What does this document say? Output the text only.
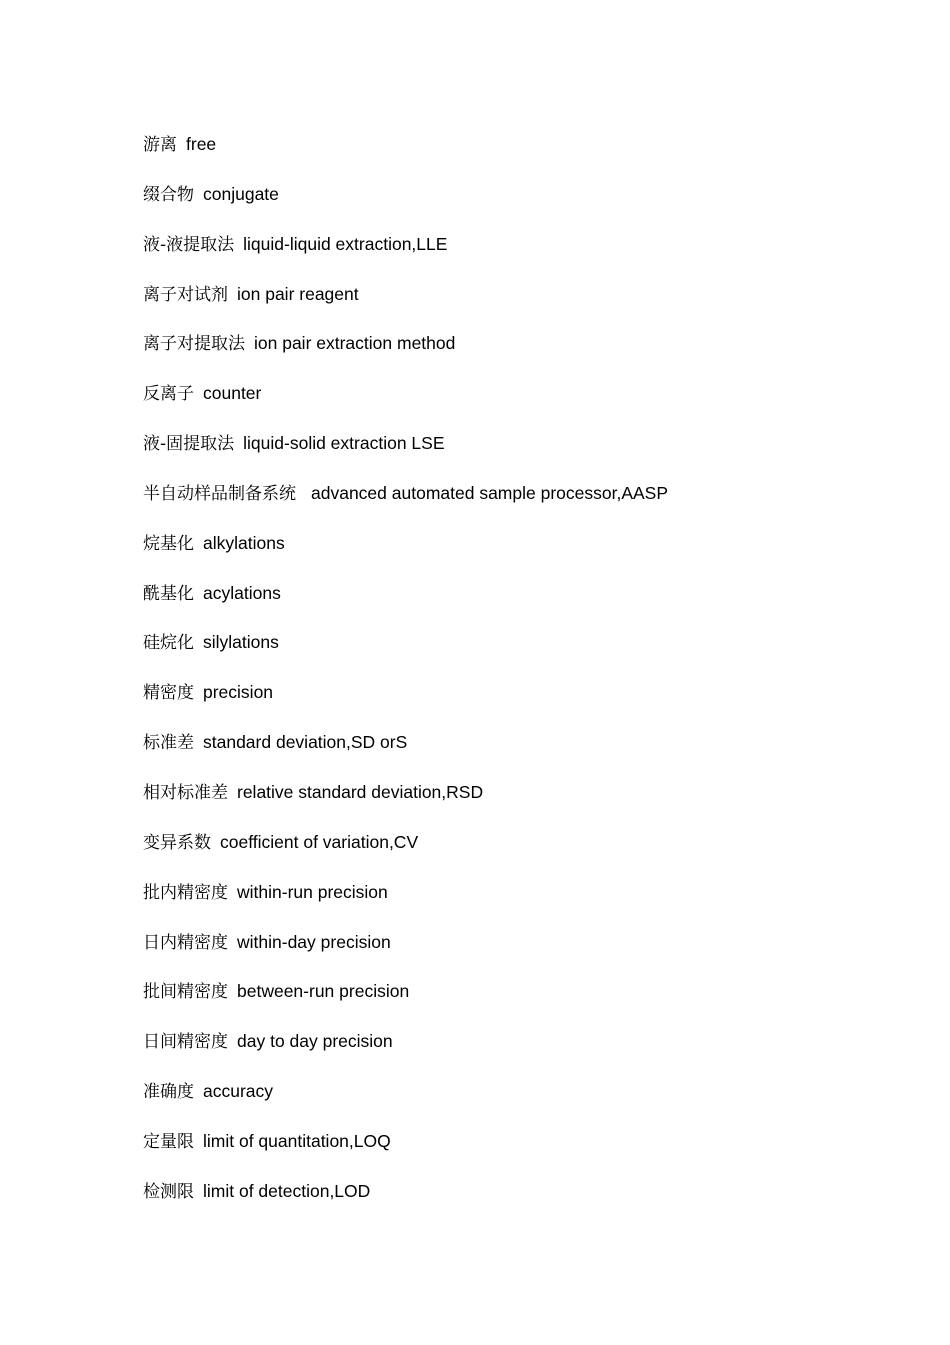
游离 free
缀合物 conjugate
液-液提取法 liquid-liquid extraction,LLE
离子对试剂 ion pair reagent
离子对提取法 ion pair extraction method
反离子 counter
液-固提取法 liquid-solid extraction LSE
半自动样品制备系统 advanced automated sample processor,AASP
烷基化 alkylations
酰基化 acylations
硅烷化 silylations
精密度 precision
标准差 standard deviation,SD orS
相对标准差 relative standard deviation,RSD
变异系数 coefficient of variation,CV
批内精密度 within-run precision
日内精密度 within-day precision
批间精密度 between-run precision
日间精密度 day to day precision
准确度 accuracy
定量限 limit of quantitation,LOQ
检测限 limit of detection,LOD
